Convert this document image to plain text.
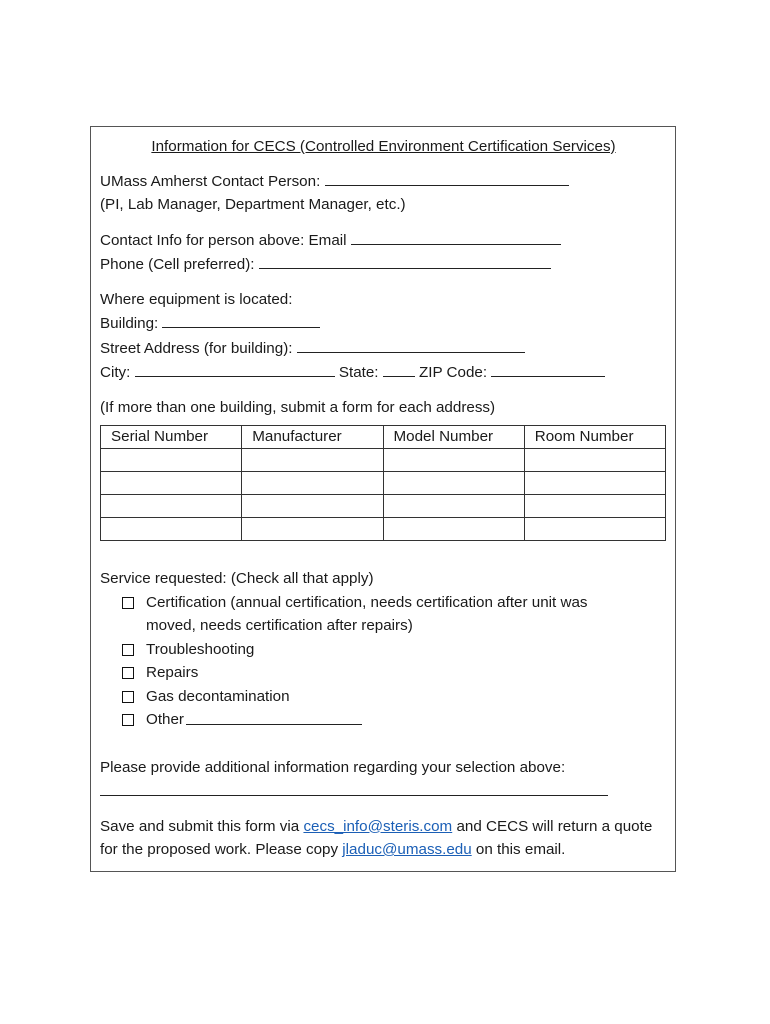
Information for CECS (Controlled Environment Certification Services)
UMass Amherst Contact Person:
(PI, Lab Manager, Department Manager, etc.)
Contact Info for person above: Email
Phone (Cell preferred):
Where equipment is located:
Building:
Street Address (for building):
City:	State:  ZIP Code:
(If more than one building, submit a form for each address)
Serial Number	Manufacturer	Model Number	Room Number

Service requested: (Check all that apply)
Certification (annual certification, needs certification after unit was moved, needs certification after repairs)
Troubleshooting
Repairs
Gas decontamination
Other
Please provide additional information regarding your selection above:
Save and submit this form via cecs_info@steris.com and CECS will return a quote for the proposed work. Please copy jladuc@umass.edu on this email.
